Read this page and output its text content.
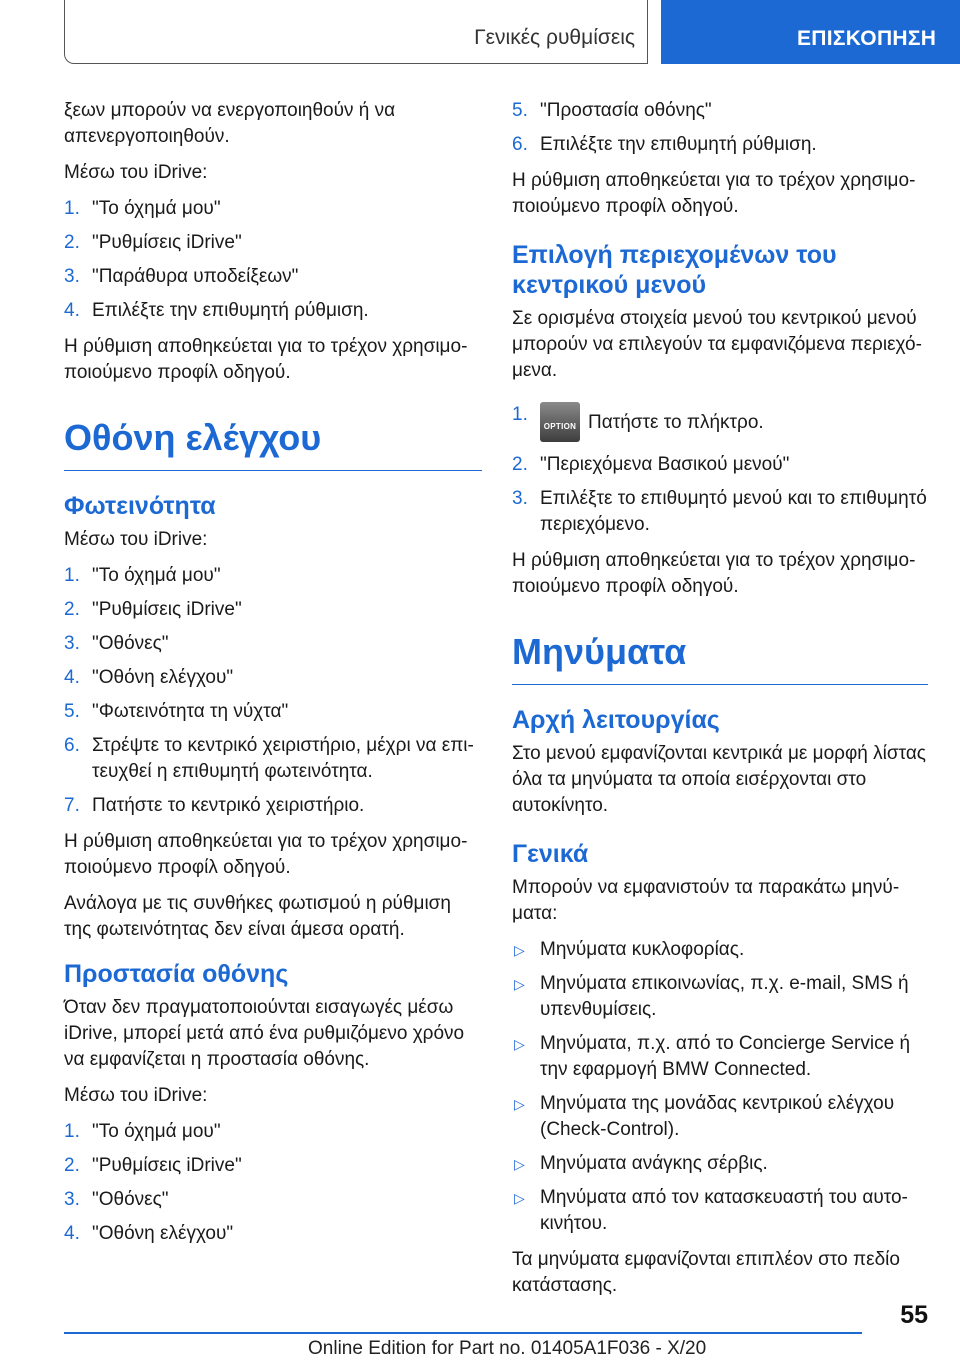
Γενικές ρυθμίσεις	ΕΠΙΣΚΟΠΗΣΗ

ξεων μπορούν να ενεργοποιηθούν ή να απενεργοποιηθούν.

Μέσω του iDrive:

1. "Το όχημά μου"
2. "Ρυθμίσεις iDrive"
3. "Παράθυρα υποδείξεων"
4. Επιλέξτε την επιθυμητή ρύθμιση.

Η ρύθμιση αποθηκεύεται για το τρέχον χρησιμοποιούμενο προφίλ οδηγού.

Οθόνη ελέγχου
Φωτεινότητα

Μέσω του iDrive:

1. "Το όχημά μου"
2. "Ρυθμίσεις iDrive"
3. "Οθόνες"
4. "Οθόνη ελέγχου"
5. "Φωτεινότητα τη νύχτα"
6. Στρέψτε το κεντρικό χειριστήριο, μέχρι να επιτευχθεί η επιθυμητή φωτεινότητα.
7. Πατήστε το κεντρικό χειριστήριο.

Η ρύθμιση αποθηκεύεται για το τρέχον χρησιμοποιούμενο προφίλ οδηγού.

Ανάλογα με τις συνθήκες φωτισμού η ρύθμιση της φωτεινότητας δεν είναι άμεσα ορατή.

Προστασία οθόνης

Όταν δεν πραγματοποιούνται εισαγωγές μέσω iDrive, μπορεί μετά από ένα ρυθμιζόμενο χρόνο να εμφανίζεται η προστασία οθόνης.

Μέσω του iDrive:

1. "Το όχημά μου"
2. "Ρυθμίσεις iDrive"
3. "Οθόνες"
4. "Οθόνη ελέγχου"
5. "Προστασία οθόνης"
6. Επιλέξτε την επιθυμητή ρύθμιση.

Η ρύθμιση αποθηκεύεται για το τρέχον χρησιμοποιούμενο προφίλ οδηγού.

Επιλογή περιεχομένων του κεντρικού μενού

Σε ορισμένα στοιχεία μενού του κεντρικού μενού μπορούν να επιλεγούν τα εμφανιζόμενα περιεχόμενα.

1.
OPTION Πατήστε το πλήκτρο.
2. "Περιεχόμενα Βασικού μενού"
3. Επιλέξτε το επιθυμητό μενού και το επιθυμητό περιεχόμενο.

Η ρύθμιση αποθηκεύεται για το τρέχον χρησιμοποιούμενο προφίλ οδηγού.

Μηνύματα
Αρχή λειτουργίας

Στο μενού εμφανίζονται κεντρικά με μορφή λίστας όλα τα μηνύματα τα οποία εισέρχονται στο αυτοκίνητο.

Γενικά

Μπορούν να εμφανιστούν τα παρακάτω μηνύματα:

▷ Μηνύματα κυκλοφορίας.
▷ Μηνύματα επικοινωνίας, π.χ. e-mail, SMS ή υπενθυμίσεις.
▷ Μηνύματα, π.χ. από το Concierge Service ή την εφαρμογή BMW Connected.
▷ Μηνύματα της μονάδας κεντρικού ελέγχου (Check-Control).
▷ Μηνύματα ανάγκης σέρβις.
▷ Μηνύματα από τον κατασκευαστή του αυτοκινήτου.

Τα μηνύματα εμφανίζονται επιπλέον στο πεδίο κατάστασης.

55
Online Edition for Part no. 01405A1F036 - X/20
